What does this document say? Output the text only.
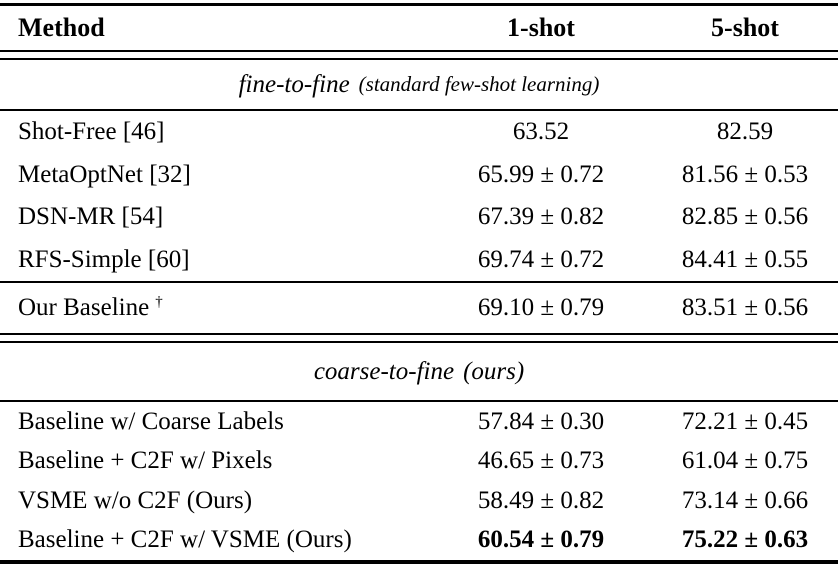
Method	1-shot	5-shot
fine-to-fine (standard few-shot learning)
Shot-Free [46]	63.52	82.59
MetaOptNet [32]	65.99 ± 0.72	81.56 ± 0.53
DSN-MR [54]	67.39 ± 0.82	82.85 ± 0.56
RFS-Simple [60]	69.74 ± 0.72	84.41 ± 0.55
Our Baseline †	69.10 ± 0.79	83.51 ± 0.56
coarse-to-fine (ours)
Baseline w/ Coarse Labels	57.84 ± 0.30	72.21 ± 0.45
Baseline + C2F w/ Pixels	46.65 ± 0.73	61.04 ± 0.75
VSME w/o C2F (Ours)	58.49 ± 0.82	73.14 ± 0.66
Baseline + C2F w/ VSME (Ours)	60.54 ± 0.79	75.22 ± 0.63
